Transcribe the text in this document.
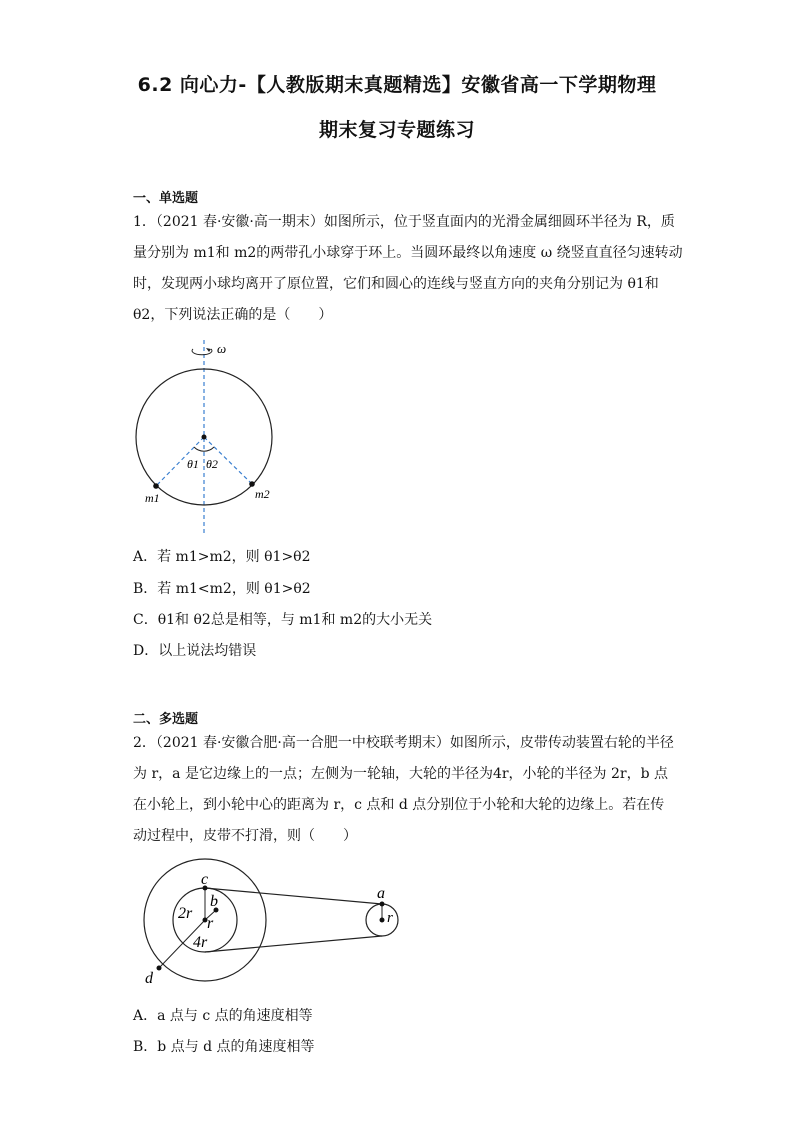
6.2 向心力-【人教版期末真题精选】安徽省高一下学期物理
期末复习专题练习
一、单选题
1．（2021 春·安徽·高一期末）如图所示，位于竖直面内的光滑金属细圆环半径为 R，质
量分别为 m1和 m2的两带孔小球穿于环上。当圆环最终以角速度 ω 绕竖直直径匀速转动
时，发现两小球均离开了原位置，它们和圆心的连线与竖直方向的夹角分别记为 θ1和
θ2，下列说法正确的是（　　）
ω
θ1 θ2
m1	m2
A．若 m1>m2，则 θ1>θ2
B．若 m1<m2，则 θ1>θ2
C．θ1和 θ2总是相等，与 m1和 m2的大小无关
D．以上说法均错误
二、多选题
2．（2021 春·安徽合肥·高一合肥一中校联考期末）如图所示，皮带传动装置右轮的半径
为 r，a 是它边缘上的一点；左侧为一轮轴，大轮的半径为4r，小轮的半径为 2r，b 点
在小轮上，到小轮中心的距离为 r，c 点和 d 点分别位于小轮和大轮的边缘上。若在传
动过程中，皮带不打滑，则（　　）
c
b
2r
r
4r
d
a
r
A．a 点与 c 点的角速度相等
B．b 点与 d 点的角速度相等
